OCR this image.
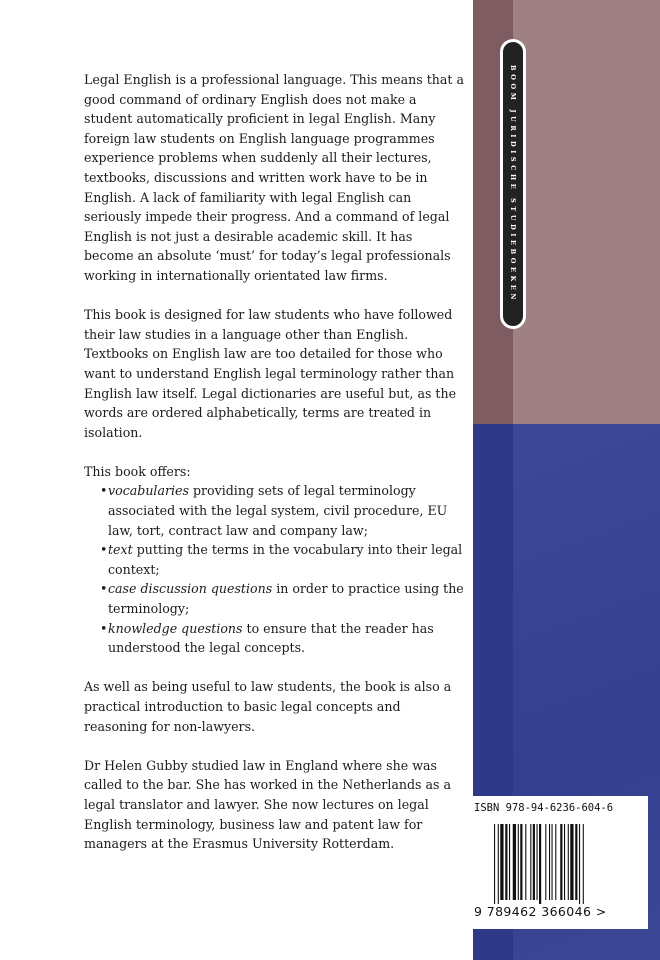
BOOM JURIDISCHE STUDIEBOEKEN

Legal English is a professional language. This means that a good command of ordinary English does not make a student automatically proficient in legal English. Many foreign law students on English language programmes experience problems when suddenly all their lectures, textbooks, discussions and written work have to be in English. A lack of familiarity with legal English can seriously impede their progress. And a command of legal English is not just a desirable academic skill. It has become an absolute ‘must’ for today’s legal professionals working in internationally orientated law firms.

This book is designed for law students who have followed their law studies in a language other than English. Textbooks on English law are too detailed for those who want to understand English legal terminology rather than English law itself. Legal dictionaries are useful but, as the words are ordered alphabetically, terms are treated in isolation.

This book offers:

• vocabularies providing sets of legal terminology associated with the legal system, civil procedure, EU law, tort, contract law and company law;
• text putting the terms in the vocabulary into their legal context;
• case discussion questions in order to practice using the terminology;
• knowledge questions to ensure that the reader has understood the legal concepts.

As well as being useful to law students, the book is also a practical introduction to basic legal concepts and reasoning for non-lawyers.

Dr Helen Gubby studied law in England where she was called to the bar. She has worked in the Netherlands as a legal translator and lawyer. She now lectures on legal English terminology, business law and patent law for managers at the Erasmus University Rotterdam.

ISBN 978-94-6236-604-6
9 789462 366046 >
